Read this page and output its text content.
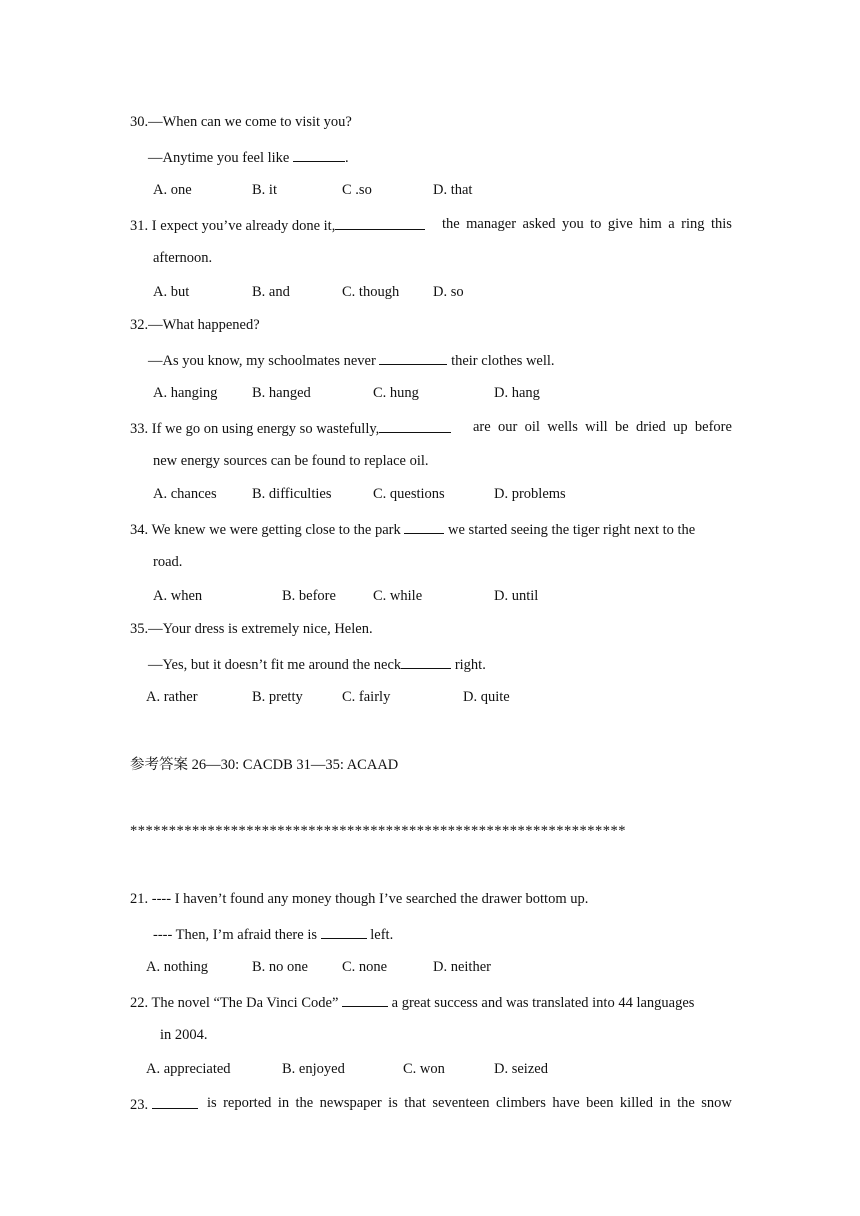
30.—When can we come to visit you?
—Anytime you feel like	.
A. one	B. it	C .so	D. that
31. I expect you’ve already done it,	the manager asked you to give him a ring this
afternoon.
A. but	B. and	C. though D. so
32.—What happened?
—As you know, my schoolmates never	their clothes well.
A. hanging B. hanged	C. hung	D. hang
33. If we go on using energy so wastefully,	are our oil wells will be dried up before
new energy sources can be found to replace oil.
A. chances B. difficulties	C. questions	D. problems
34. We knew we were getting close to the park	we started seeing the tiger right next to the
road.
A. when	B. before	C. while	D. until
35.—Your dress is extremely nice, Helen.
—Yes, but it doesn’t fit me around the neck	right.
A. rather	B. pretty	C. fairly	D. quite
参考答案 26—30: CACDB 31—35: ACAAD
****************************************************************
21. ---- I haven’t found any money though I’ve searched the drawer bottom up.
---- Then, I’m afraid there is	left.
A. nothing	B. no one C. none	D. neither
22. The novel “The Da Vinci Code”	a great success and was translated into 44 languages
in 2004.
A. appreciated	B. enjoyed	C. won	D. seized
23.	is reported in the newspaper is that seventeen climbers have been killed in the snow
